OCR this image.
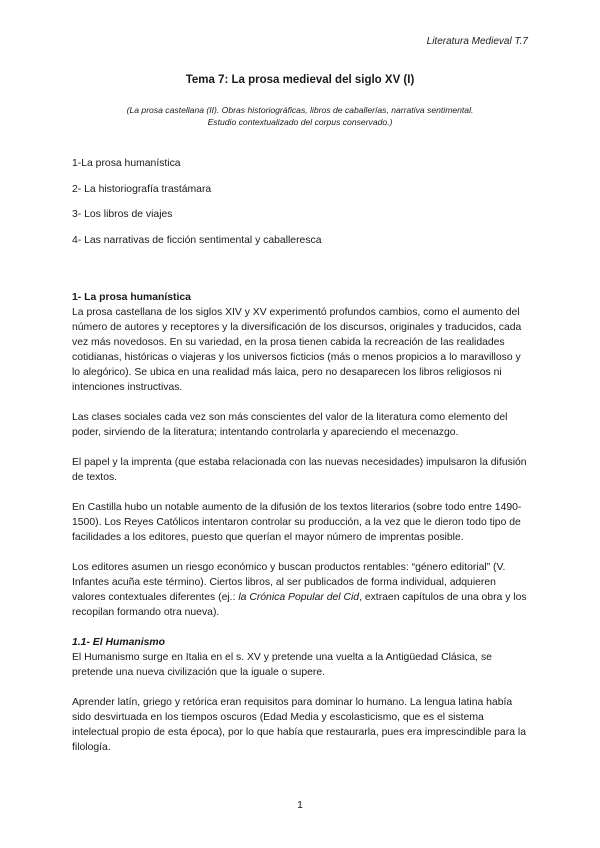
Literatura Medieval T.7
Tema 7: La prosa medieval del siglo XV (I)
(La prosa castellana (II). Obras historiográficas, libros de caballerías, narrativa sentimental.
Estudio contextualizado del corpus conservado.)
1-La prosa humanística
2- La historiografía trastámara
3- Los libros de viajes
4- Las narrativas de ficción sentimental y caballeresca

1- La prosa humanística

La prosa castellana de los siglos XIV y XV experimentó profundos cambios, como el aumento del número de autores y receptores y la diversificación de los discursos, originales y traducidos, cada vez más novedosos. En su variedad, en la prosa tienen cabida la recreación de las realidades cotidianas, históricas o viajeras y los universos ficticios (más o menos propicios a lo maravilloso y lo alegórico). Se ubica en una realidad más laica, pero no desaparecen los libros religiosos ni intenciones instructivas.

Las clases sociales cada vez son más conscientes del valor de la literatura como elemento del poder, sirviendo de la literatura; intentando controlarla y apareciendo el mecenazgo.

El papel y la imprenta (que estaba relacionada con las nuevas necesidades) impulsaron la difusión de textos.

En Castilla hubo un notable aumento de la difusión de los textos literarios (sobre todo entre 1490-1500). Los Reyes Católicos intentaron controlar su producción, a la vez que le dieron todo tipo de facilidades a los editores, puesto que querían el mayor número de imprentas posible.

Los editores asumen un riesgo económico y buscan productos rentables: “género editorial” (V. Infantes acuña este término). Ciertos libros, al ser publicados de forma individual, adquieren valores contextuales diferentes (ej.: la Crónica Popular del Cid, extraen capítulos de una obra y los recopilan formando otra nueva).

1.1- El Humanismo

El Humanismo surge en Italia en el s. XV y pretende una vuelta a la Antigüedad Clásica, se pretende una nueva civilización que la iguale o supere.

Aprender latín, griego y retórica eran requisitos para dominar lo humano. La lengua latina había sido desvirtuada en los tiempos oscuros (Edad Media y escolasticismo, que es el sistema intelectual propio de esta época), por lo que había que restaurarla, pues era imprescindible para la filología.

1
